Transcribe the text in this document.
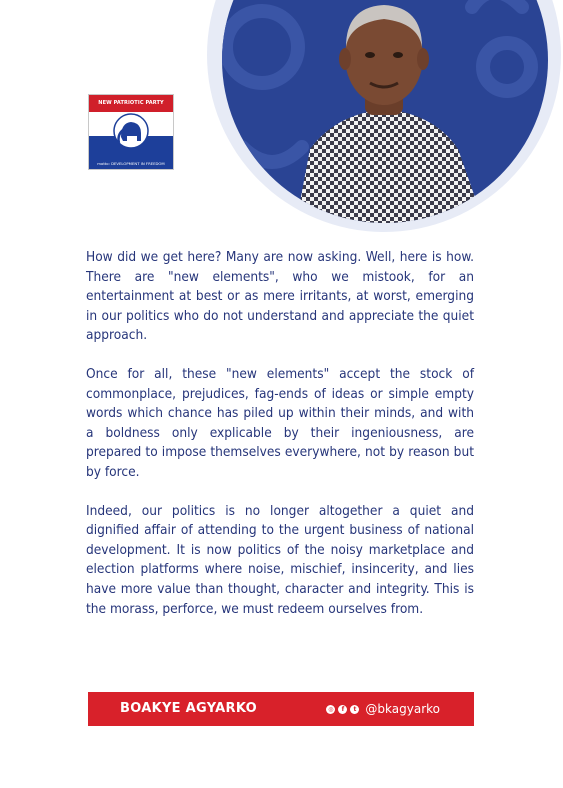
NEW PATRIOTIC PARTY
motto: DEVELOPMENT IN FREEDOM

How did we get here? Many are now asking. Well, here is how. There are "new elements", who we mistook, for an entertainment at best or as mere irritants, at worst, emerging in our politics who do not understand and appreciate the quiet approach.

Once for all, these "new elements" accept the stock of commonplace, prejudices, fag-ends of ideas or simple empty words which chance has piled up within their minds, and with a boldness only explicable by their ingeniousness, are prepared to impose themselves everywhere, not by reason but by force.

Indeed, our politics is no longer altogether a quiet and dignified affair of attending to the urgent business of national development. It is now politics of the noisy marketplace and election platforms where noise, mischief, insincerity, and lies have more value than thought, character and integrity. This is the morass, perforce, we must redeem ourselves from.

BOAKYE AGYARKO	◎	f	t @bkagyarko
